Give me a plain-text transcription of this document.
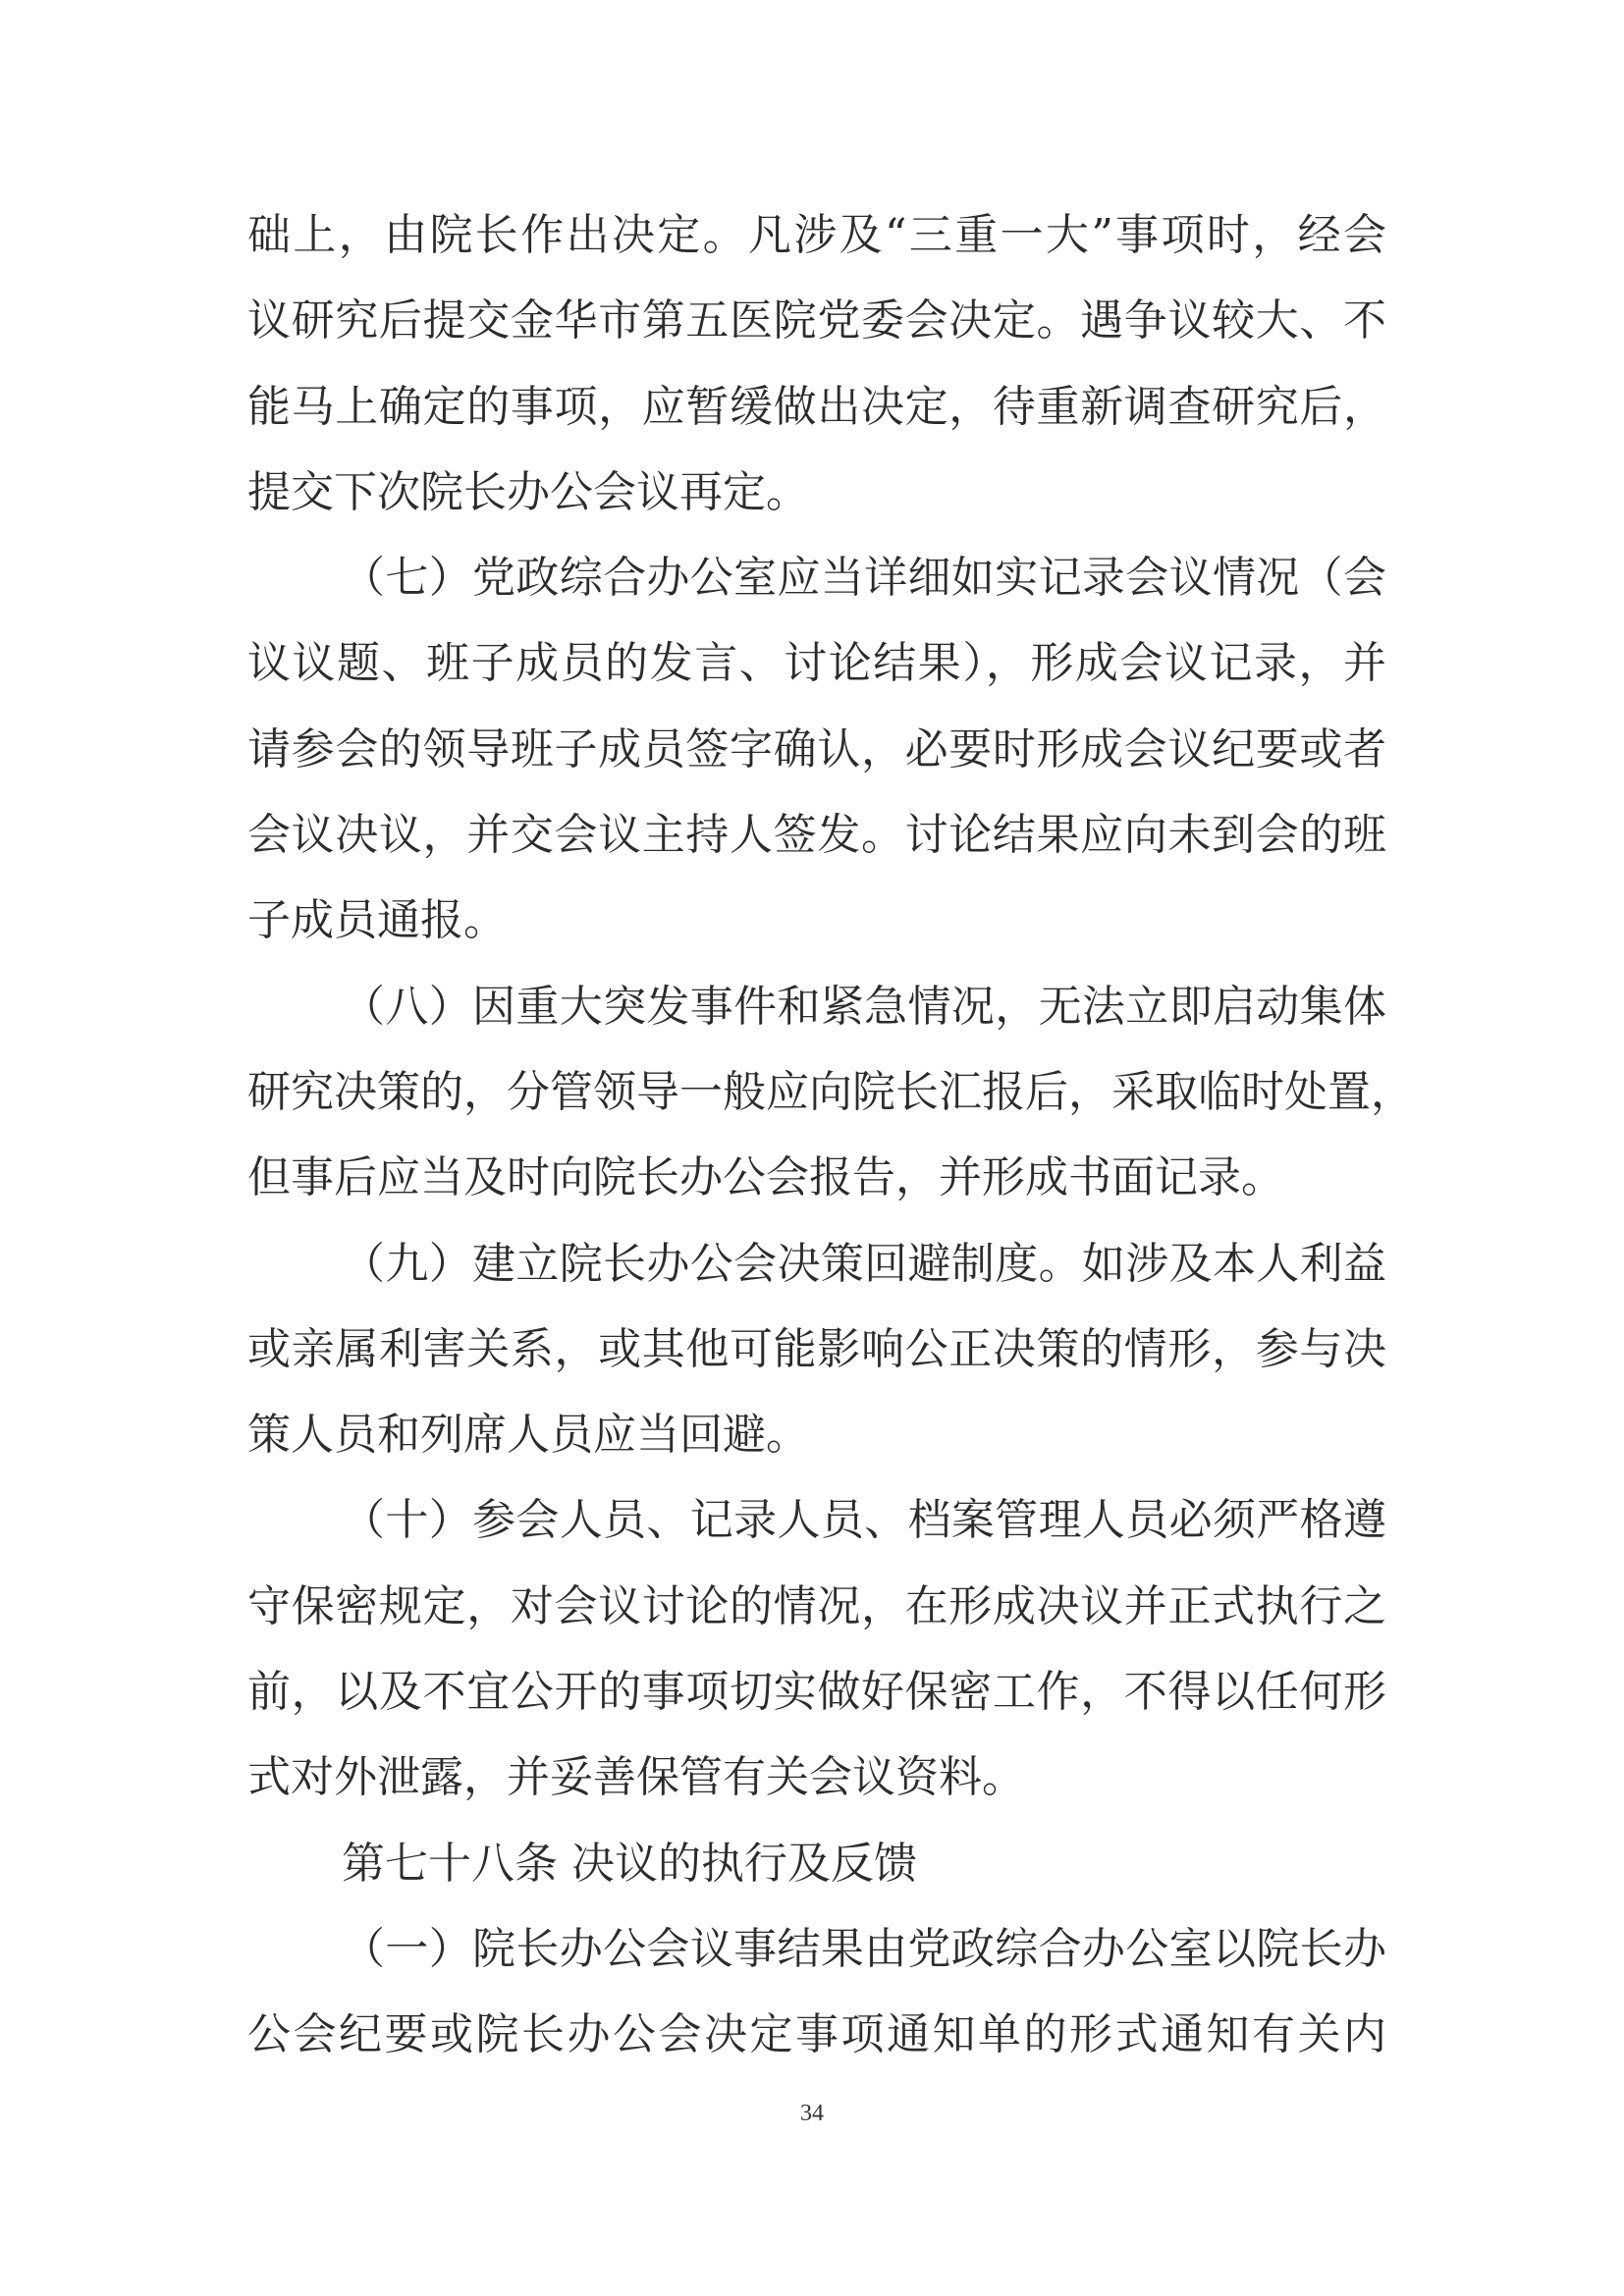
础上，由院长作出决定。凡涉及“三重一大”事项时，经会
议研究后提交金华市第五医院党委会决定。遇争议较大、不
能马上确定的事项，应暂缓做出决定，待重新调查研究后，
提交下次院长办公会议再定。
（七）党政综合办公室应当详细如实记录会议情况（会
议议题、班子成员的发言、讨论结果），形成会议记录，并
请参会的领导班子成员签字确认，必要时形成会议纪要或者
会议决议，并交会议主持人签发。讨论结果应向未到会的班
子成员通报。
（八）因重大突发事件和紧急情况，无法立即启动集体
研究决策的，分管领导一般应向院长汇报后，采取临时处置，
但事后应当及时向院长办公会报告，并形成书面记录。
（九）建立院长办公会决策回避制度。如涉及本人利益
或亲属利害关系，或其他可能影响公正决策的情形，参与决
策人员和列席人员应当回避。
（十）参会人员、记录人员、档案管理人员必须严格遵
守保密规定，对会议讨论的情况，在形成决议并正式执行之
前，以及不宜公开的事项切实做好保密工作，不得以任何形
式对外泄露，并妥善保管有关会议资料。
第七十八条 决议的执行及反馈
（一）院长办公会议事结果由党政综合办公室以院长办
公会纪要或院长办公会决定事项通知单的形式通知有关内
34
